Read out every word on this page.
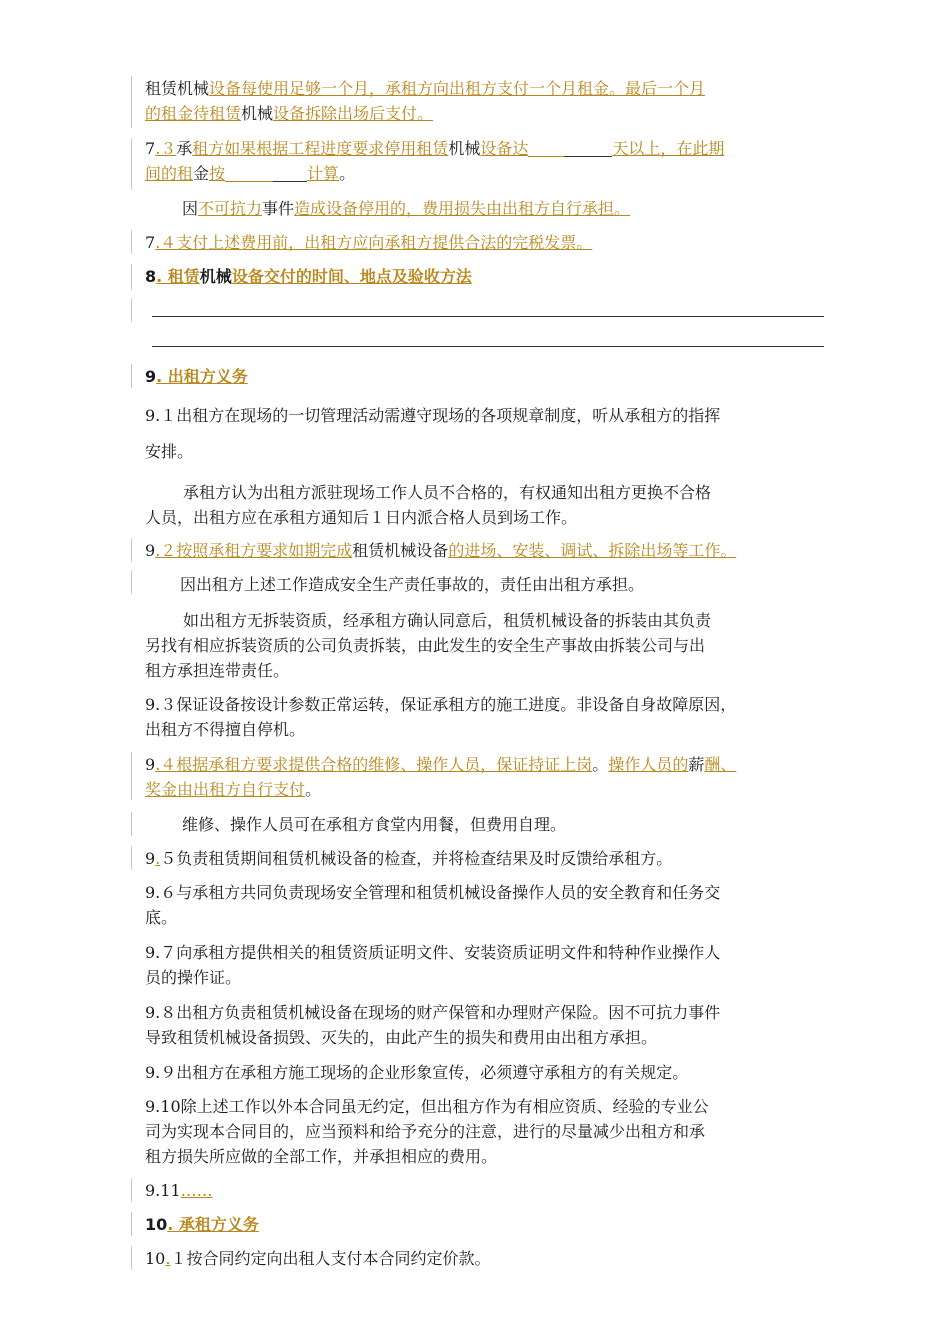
租赁机械设备每使用足够一个月，承租方向出租方支付一个月租金。最后一个月
的租金待租赁机械设备拆除出场后支付。
7.３承租方如果根据工程进度要求停用租赁机械设备达	天以上，在此期
间的租金按	计算。
因不可抗力事件造成设备停用的，费用损失由出租方自行承担。
7.４支付上述费用前，出租方应向承租方提供合法的完税发票。
8. 租赁机械设备交付的时间、地点及验收方法
9. 出租方义务
9.１出租方在现场的一切管理活动需遵守现场的各项规章制度，听从承租方的指挥
安排。
承租方认为出租方派驻现场工作人员不合格的，有权通知出租方更换不合格
人员，出租方应在承租方通知后１日内派合格人员到场工作。
9.２按照承租方要求如期完成租赁机械设备的进场、安装、调试、拆除出场等工作。
因出租方上述工作造成安全生产责任事故的，责任由出租方承担。
如出租方无拆装资质，经承租方确认同意后，租赁机械设备的拆装由其负责
另找有相应拆装资质的公司负责拆装，由此发生的安全生产事故由拆装公司与出
租方承担连带责任。
9.３保证设备按设计参数正常运转，保证承租方的施工进度。非设备自身故障原因，
出租方不得擅自停机。
9.４根据承租方要求提供合格的维修、操作人员，保证持证上岗。操作人员的薪酬、
奖金由出租方自行支付。
维修、操作人员可在承租方食堂内用餐，但费用自理。
9.５负责租赁期间租赁机械设备的检查，并将检查结果及时反馈给承租方。
9.６与承租方共同负责现场安全管理和租赁机械设备操作人员的安全教育和任务交
底。
9.７向承租方提供相关的租赁资质证明文件、安装资质证明文件和特种作业操作人
员的操作证。
9.８出租方负责租赁机械设备在现场的财产保管和办理财产保险。因不可抗力事件
导致租赁机械设备损毁、灭失的，由此产生的损失和费用由出租方承担。
9.９出租方在承租方施工现场的企业形象宣传，必须遵守承租方的有关规定。
9.10除上述工作以外本合同虽无约定，但出租方作为有相应资质、经验的专业公
司为实现本合同目的，应当预料和给予充分的注意，进行的尽量减少出租方和承
租方损失所应做的全部工作，并承担相应的费用。
9.11……
10. 承租方义务
10.１按合同约定向出租人支付本合同约定价款。
